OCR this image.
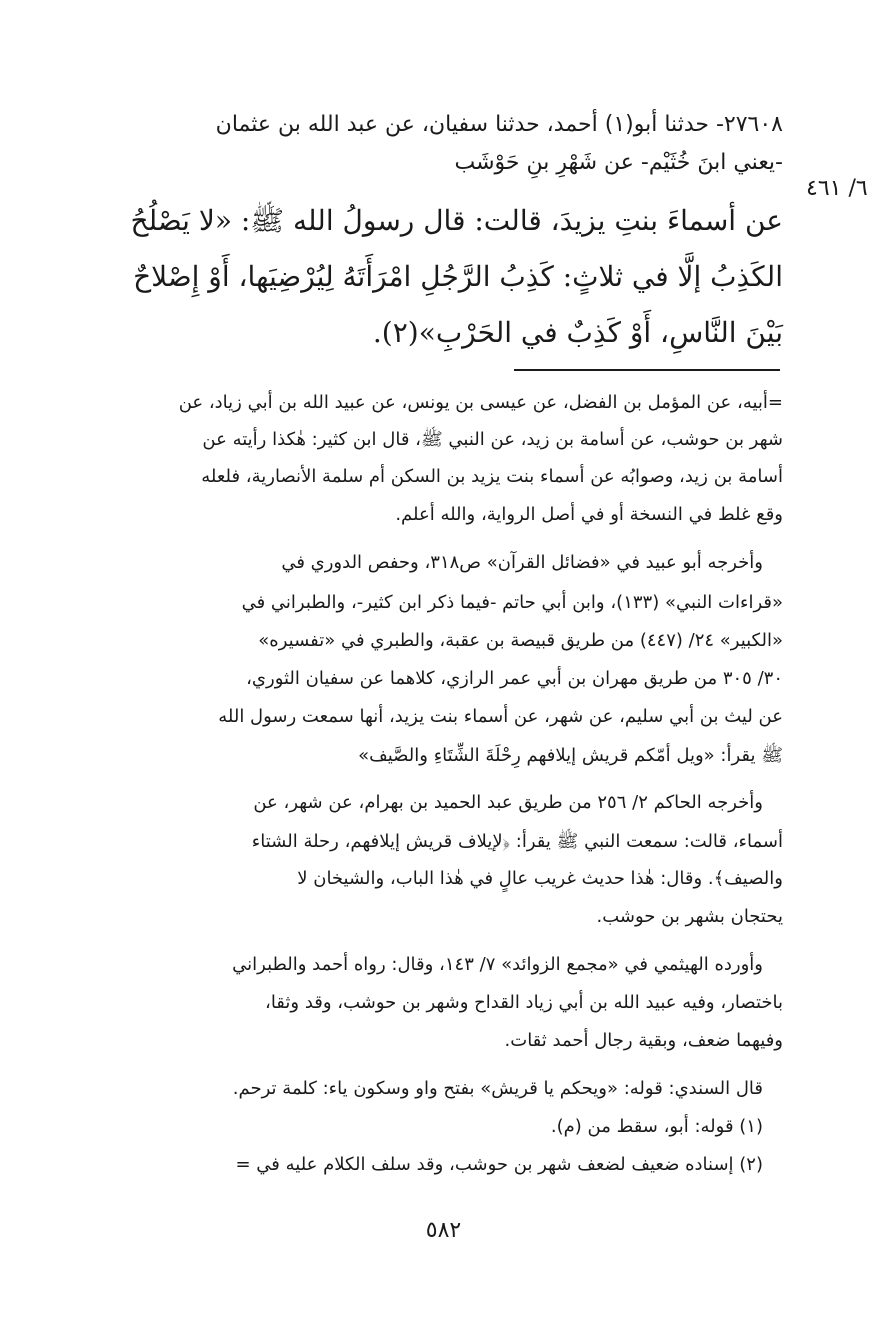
٦/ ٤٦١
٢٧٦٠٨- حدثنا أبو(١) أحمد، حدثنا سفيان، عن عبد الله بن عثمان
-يعني ابنَ خُثَيْم- عن شَهْرِ بنِ حَوْشَب
عن أسماءَ بنتِ يزيدَ، قالت: قال رسولُ الله ﷺ: «لا يَصْلُحُ
الكَذِبُ إلَّا في ثلاثٍ: كَذِبُ الرَّجُلِ امْرَأَتَهُ لِيُرْضِيَها، أَوْ إِصْلاحٌ
بَيْنَ النَّاسِ، أَوْ كَذِبٌ في الحَرْبِ»(٢).
=أبيه، عن المؤمل بن الفضل، عن عيسى بن يونس، عن عبيد الله بن أبي زياد، عن
شهر بن حوشب، عن أسامة بن زيد، عن النبي ﷺ، قال ابن كثير: هٰكذا رأيته عن
أسامة بن زيد، وصوابُه عن أسماء بنت يزيد بن السكن أم سلمة الأنصارية، فلعله
وقع غلط في النسخة أو في أصل الرواية، والله أعلم.
وأخرجه أبو عبيد في «فضائل القرآن» ص٣١٨، وحفص الدوري في
«قراءات النبي» (١٣٣)، وابن أبي حاتم -فيما ذكر ابن كثير-، والطبراني في
«الكبير» ٢٤/ (٤٤٧) من طريق قبيصة بن عقبة، والطبري في «تفسيره»
٣٠/ ٣٠٥ من طريق مهران بن أبي عمر الرازي، كلاهما عن سفيان الثوري،
عن ليث بن أبي سليم، عن شهر، عن أسماء بنت يزيد، أنها سمعت رسول الله
ﷺ يقرأ: «ويل أمّكم قريش إيلافهم رِحْلَةَ الشِّتَاءِ والصَّيف»
وأخرجه الحاكم ٢/ ٢٥٦ من طريق عبد الحميد بن بهرام، عن شهر، عن
أسماء، قالت: سمعت النبي ﷺ يقرأ: ﴿لإيلاف قريش إيلافهم، رحلة الشتاء
والصيف﴾. وقال: هٰذا حديث غريب عالٍ في هٰذا الباب، والشيخان لا
يحتجان بشهر بن حوشب.
وأورده الهيثمي في «مجمع الزوائد» ٧/ ١٤٣، وقال: رواه أحمد والطبراني
باختصار، وفيه عبيد الله بن أبي زياد القداح وشهر بن حوشب، وقد وثقا،
وفيهما ضعف، وبقية رجال أحمد ثقات.
قال السندي: قوله: «ويحكم يا قريش» بفتح واو وسكون ياء: كلمة ترحم.
(١) قوله: أبو، سقط من (م).
(٢) إسناده ضعيف لضعف شهر بن حوشب، وقد سلف الكلام عليه في =
٥٨٢
